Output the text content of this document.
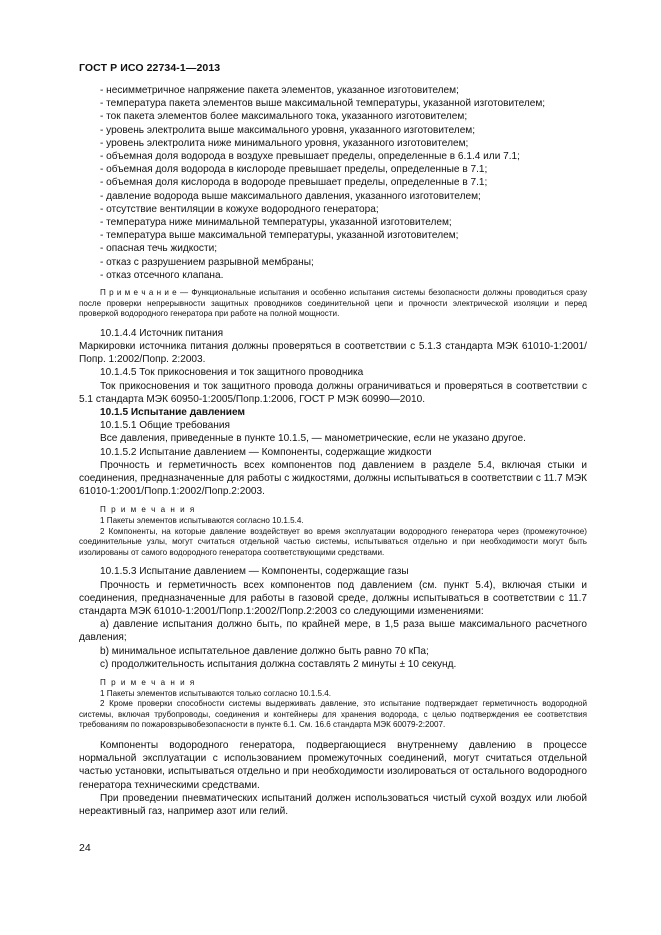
ГОСТ Р ИСО 22734-1—2013
- несимметричное напряжение пакета элементов, указанное изготовителем;
- температура пакета элементов выше максимальной температуры, указанной изготовителем;
- ток пакета элементов более максимального тока, указанного изготовителем;
- уровень электролита выше максимального уровня, указанного изготовителем;
- уровень электролита ниже минимального уровня, указанного изготовителем;
- объемная доля водорода в воздухе превышает пределы, определенные в 6.1.4 или 7.1;
- объемная доля водорода в кислороде превышает пределы, определенные в 7.1;
- объемная доля кислорода в водороде превышает пределы, определенные в 7.1;
- давление водорода выше максимального давления, указанного изготовителем;
- отсутствие вентиляции в кожухе водородного генератора;
- температура ниже минимальной температуры, указанной изготовителем;
- температура выше максимальной температуры, указанной изготовителем;
- опасная течь жидкости;
- отказ с разрушением разрывной мембраны;
- отказ отсечного клапана.

П р и м е ч а н и е — Функциональные испытания и особенно испытания системы безопасности должны проводиться сразу после проверки непрерывности защитных проводников соединительной цепи и прочности электрической изоляции и перед проверкой водородного генератора при работе на полной мощности.

10.1.4.4 Источник питания

Маркировки источника питания должны проверяться в соответствии с 5.1.3 стандарта МЭК 61010-1:2001/Попр. 1:2002/Попр. 2:2003.

10.1.4.5 Ток прикосновения и ток защитного проводника

Ток прикосновения и ток защитного провода должны ограничиваться и проверяться в соответствии с 5.1 стандарта МЭК 60950-1:2005/Попр.1:2006, ГОСТ Р МЭК 60990—2010.

10.1.5 Испытание давлением

10.1.5.1 Общие требования

Все давления, приведенные в пункте 10.1.5, — манометрические, если не указано другое.

10.1.5.2 Испытание давлением — Компоненты, содержащие жидкости

Прочность и герметичность всех компонентов под давлением в разделе 5.4, включая стыки и соединения, предназначенные для работы с жидкостями, должны испытываться в соответствии с 11.7 МЭК 61010-1:2001/Попр.1:2002/Попр.2:2003.

П р и м е ч а н и я

1 Пакеты элементов испытываются согласно 10.1.5.4.

2 Компоненты, на которые давление воздействует во время эксплуатации водородного генератора через (промежуточное) соединительные узлы, могут считаться отдельной частью системы, испытываться отдельно и при необходимости могут быть изолированы от самого водородного генератора соответствующими средствами.

10.1.5.3 Испытание давлением — Компоненты, содержащие газы

Прочность и герметичность всех компонентов под давлением (см. пункт 5.4), включая стыки и соединения, предназначенные для работы в газовой среде, должны испытываться в соответствии с 11.7 стандарта МЭК 61010-1:2001/Попр.1:2002/Попр.2:2003 со следующими изменениями:

a) давление испытания должно быть, по крайней мере, в 1,5 раза выше максимального расчетного давления;

b) минимальное испытательное давление должно быть равно 70 кПа;

c) продолжительность испытания должна составлять 2 минуты ± 10 секунд.

П р и м е ч а н и я

1 Пакеты элементов испытываются только согласно 10.1.5.4.

2 Кроме проверки способности системы выдерживать давление, это испытание подтверждает герметичность водородной системы, включая трубопроводы, соединения и контейнеры для хранения водорода, с целью подтверждения ее соответствия требованиям по пожаровзрывобезопасности в пункте 6.1. См. 16.6 стандарта МЭК 60079-2:2007.

Компоненты водородного генератора, подвергающиеся внутреннему давлению в процессе нормальной эксплуатации с использованием промежуточных соединений, могут считаться отдельной частью установки, испытываться отдельно и при необходимости изолироваться от остального водородного генератора техническими средствами.

При проведении пневматических испытаний должен использоваться чистый сухой воздух или любой нереактивный газ, например азот или гелий.

24
